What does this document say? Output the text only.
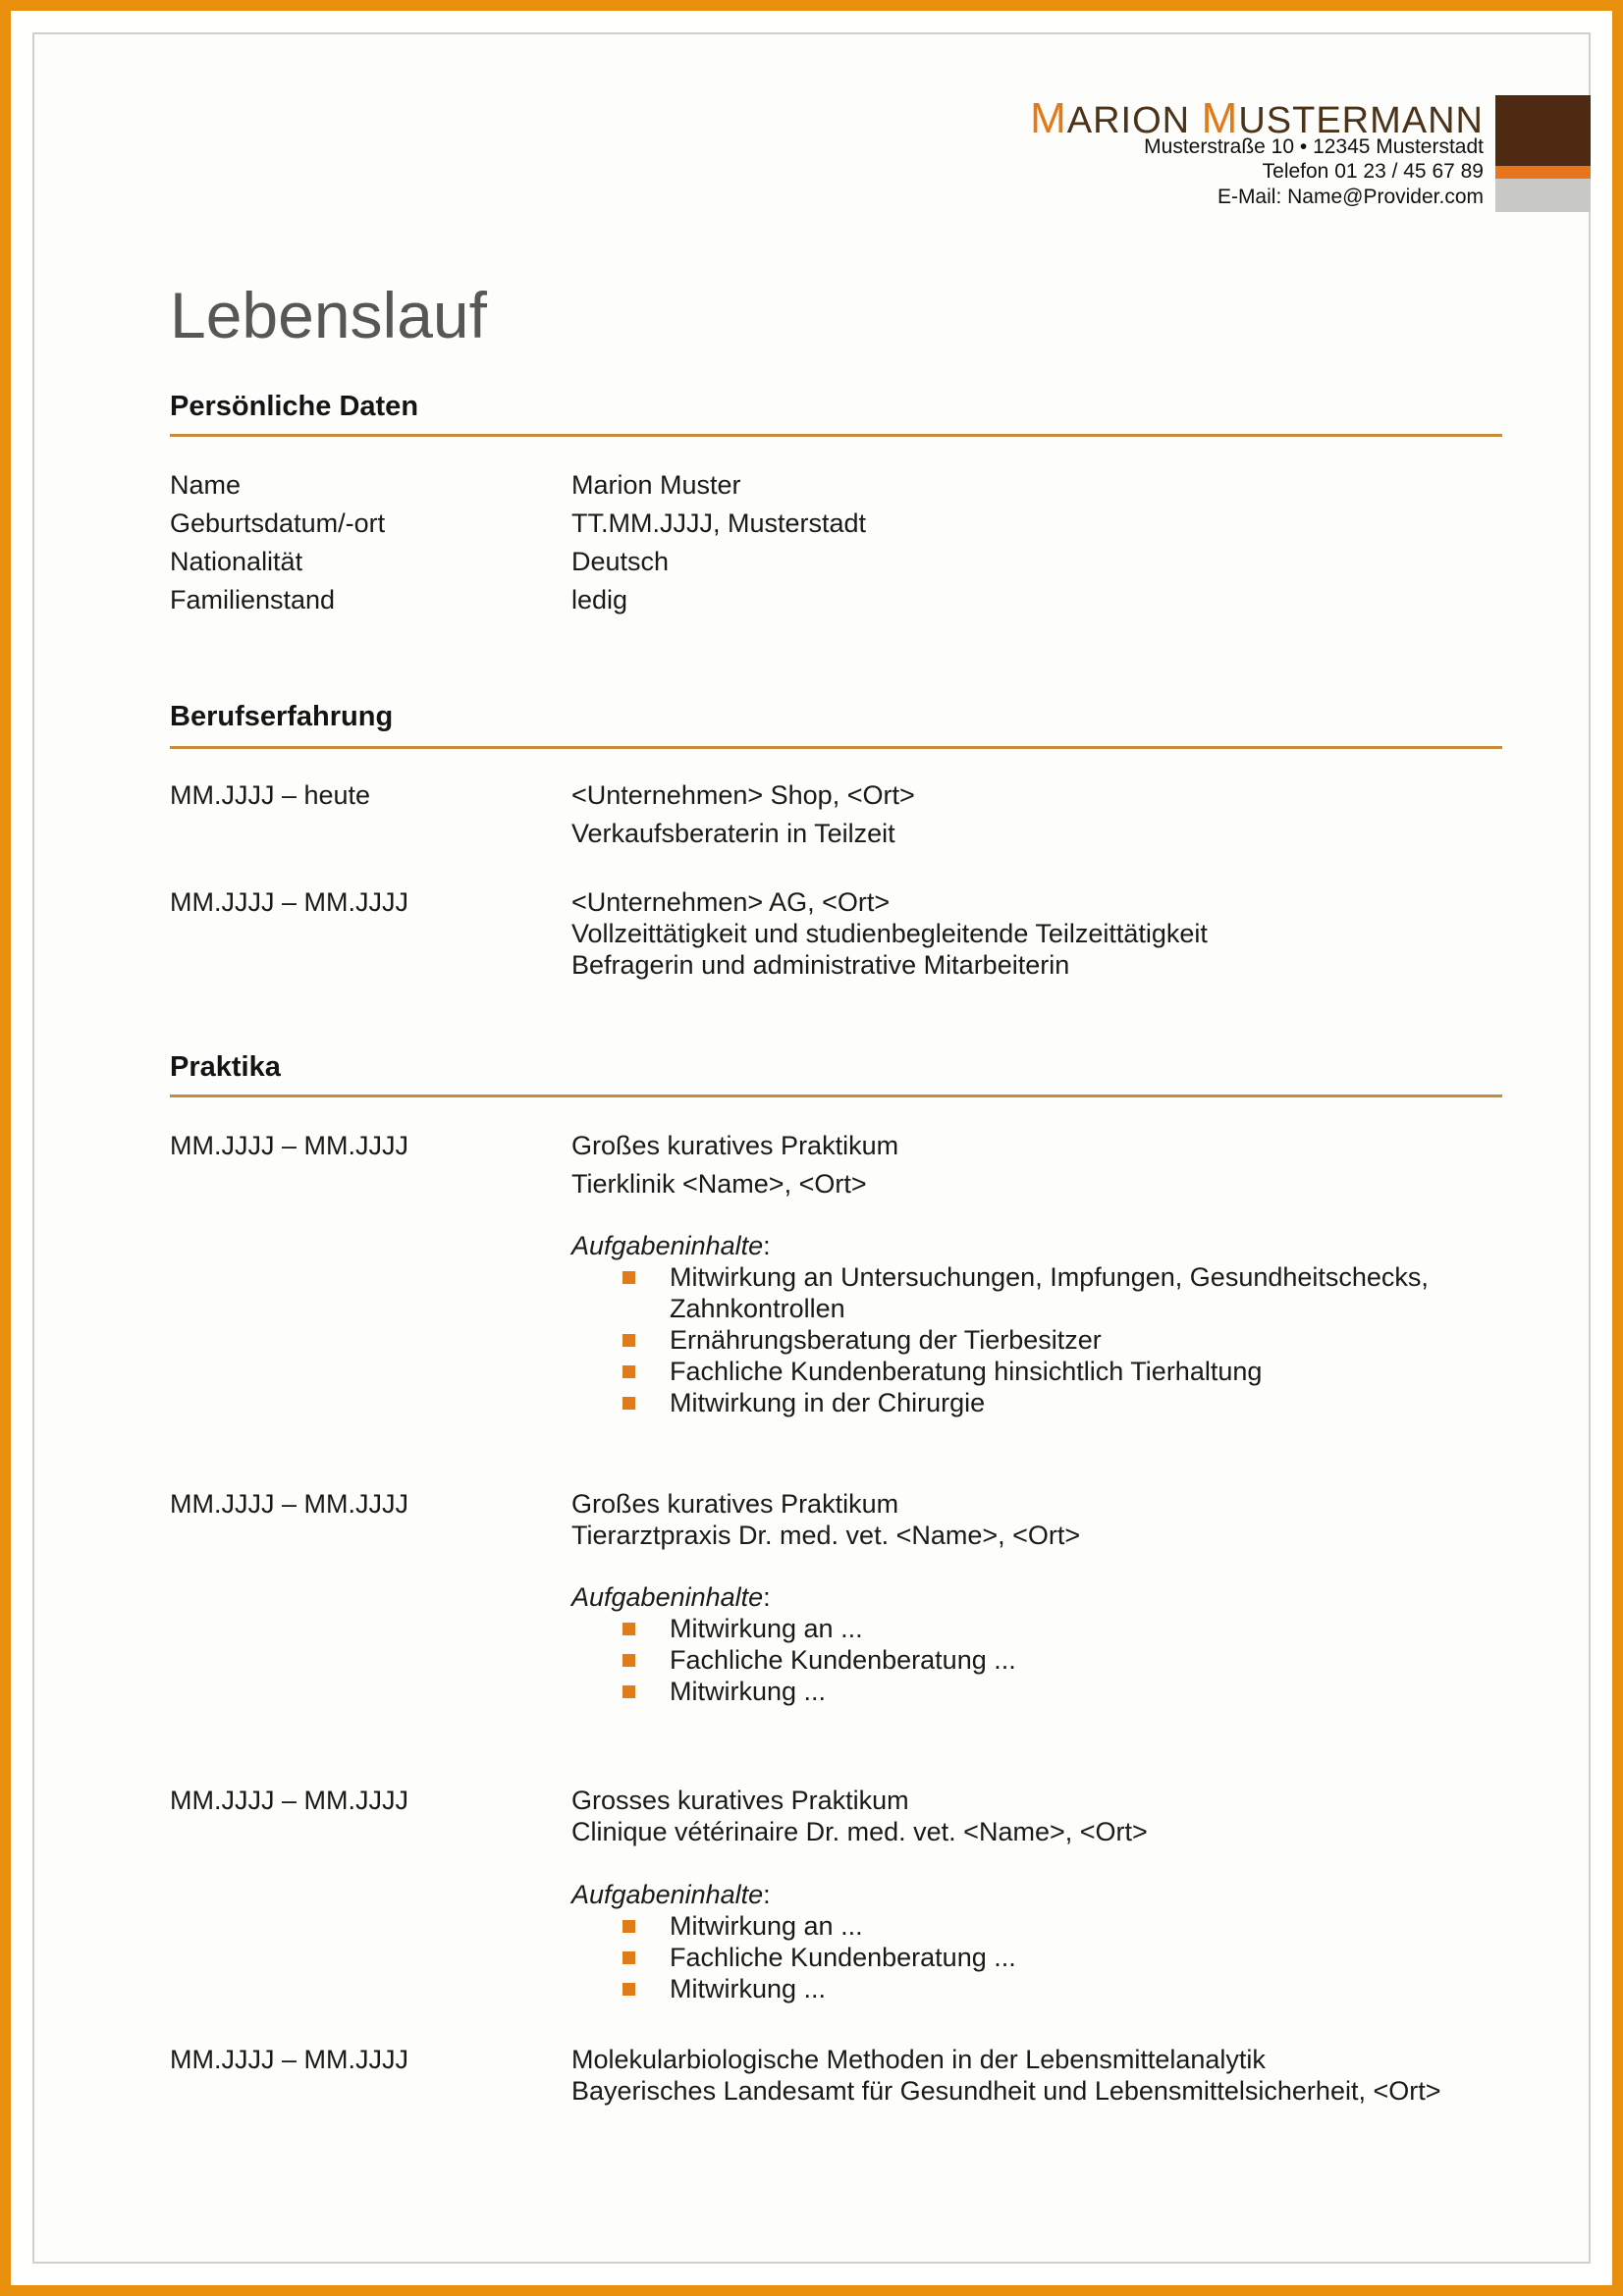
MARION MUSTERMANN
Musterstraße 10 • 12345 Musterstadt
Telefon 01 23 / 45 67 89
E-Mail: Name@Provider.com
Lebenslauf
Persönliche Daten
Name	Marion Muster
Geburtsdatum/-ort	TT.MM.JJJJ, Musterstadt
Nationalität	Deutsch
Familienstand	ledig
Berufserfahrung
MM.JJJJ – heute	<Unternehmen> Shop, <Ort>
Verkaufsberaterin in Teilzeit
MM.JJJJ – MM.JJJJ	<Unternehmen> AG, <Ort>
Vollzeittätigkeit und studienbegleitende Teilzeittätigkeit
Befragerin und administrative Mitarbeiterin
Praktika
MM.JJJJ – MM.JJJJ	Großes kuratives Praktikum
Tierklinik <Name>, <Ort>
Aufgabeninhalte:
Mitwirkung an Untersuchungen, Impfungen, Gesundheitschecks,
Zahnkontrollen
Ernährungsberatung der Tierbesitzer
Fachliche Kundenberatung hinsichtlich Tierhaltung
Mitwirkung in der Chirurgie
MM.JJJJ – MM.JJJJ	Großes kuratives Praktikum
Tierarztpraxis Dr. med. vet. <Name>, <Ort>
Aufgabeninhalte:
Mitwirkung an ...
Fachliche Kundenberatung ...
Mitwirkung ...
MM.JJJJ – MM.JJJJ	Grosses kuratives Praktikum
Clinique vétérinaire Dr. med. vet. <Name>, <Ort>
Aufgabeninhalte:
Mitwirkung an ...
Fachliche Kundenberatung ...
Mitwirkung ...
MM.JJJJ – MM.JJJJ	Molekularbiologische Methoden in der Lebensmittelanalytik
Bayerisches Landesamt für Gesundheit und Lebensmittelsicherheit, <Ort>
